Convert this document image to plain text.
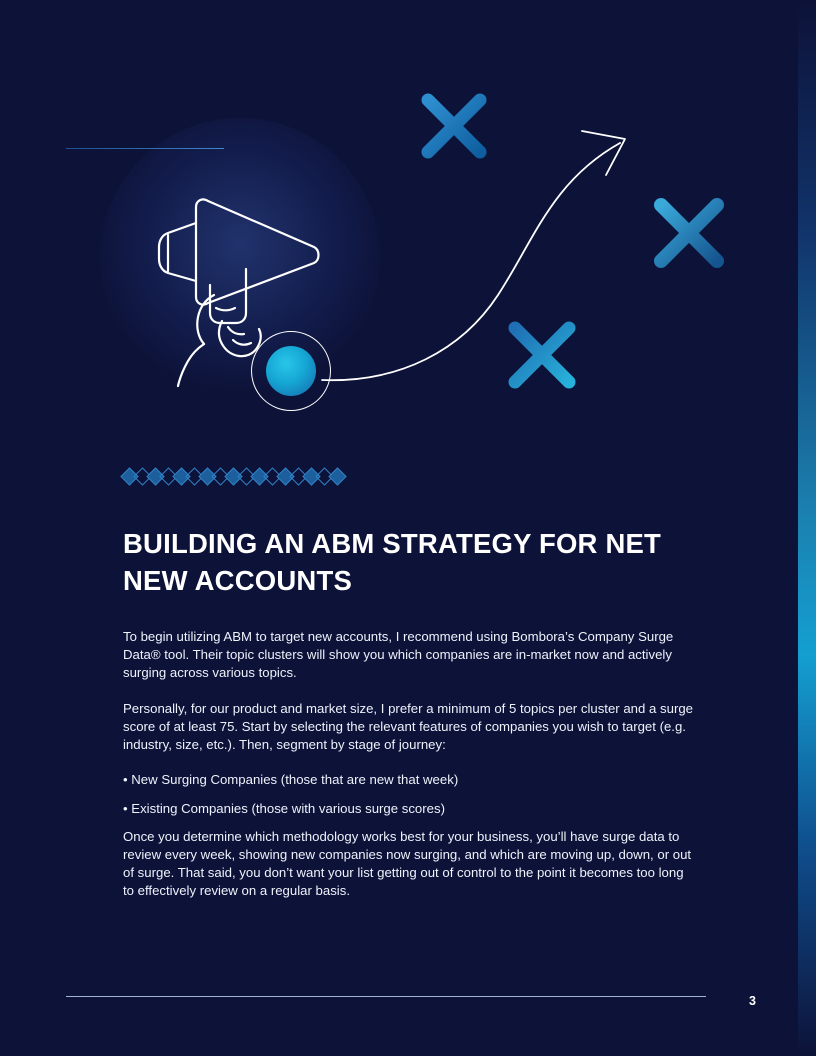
BUILDING AN ABM STRATEGY FOR NET NEW ACCOUNTS

To begin utilizing ABM to target new accounts, I recommend using Bombora’s Company Surge Data® tool. Their topic clusters will show you which companies are in-market now and actively surging across various topics.

Personally, for our product and market size, I prefer a minimum of 5 topics per cluster and a surge score of at least 75. Start by selecting the relevant features of companies you wish to target (e.g. industry, size, etc.). Then, segment by stage of journey:

• New Surging Companies (those that are new that week)

• Existing Companies (those with various surge scores)

Once you determine which methodology works best for your business, you’ll have surge data to review every week, showing new companies now surging, and which are moving up, down, or out of surge. That said, you don’t want your list getting out of control to the point it becomes too long to effectively review on a regular basis.

3
